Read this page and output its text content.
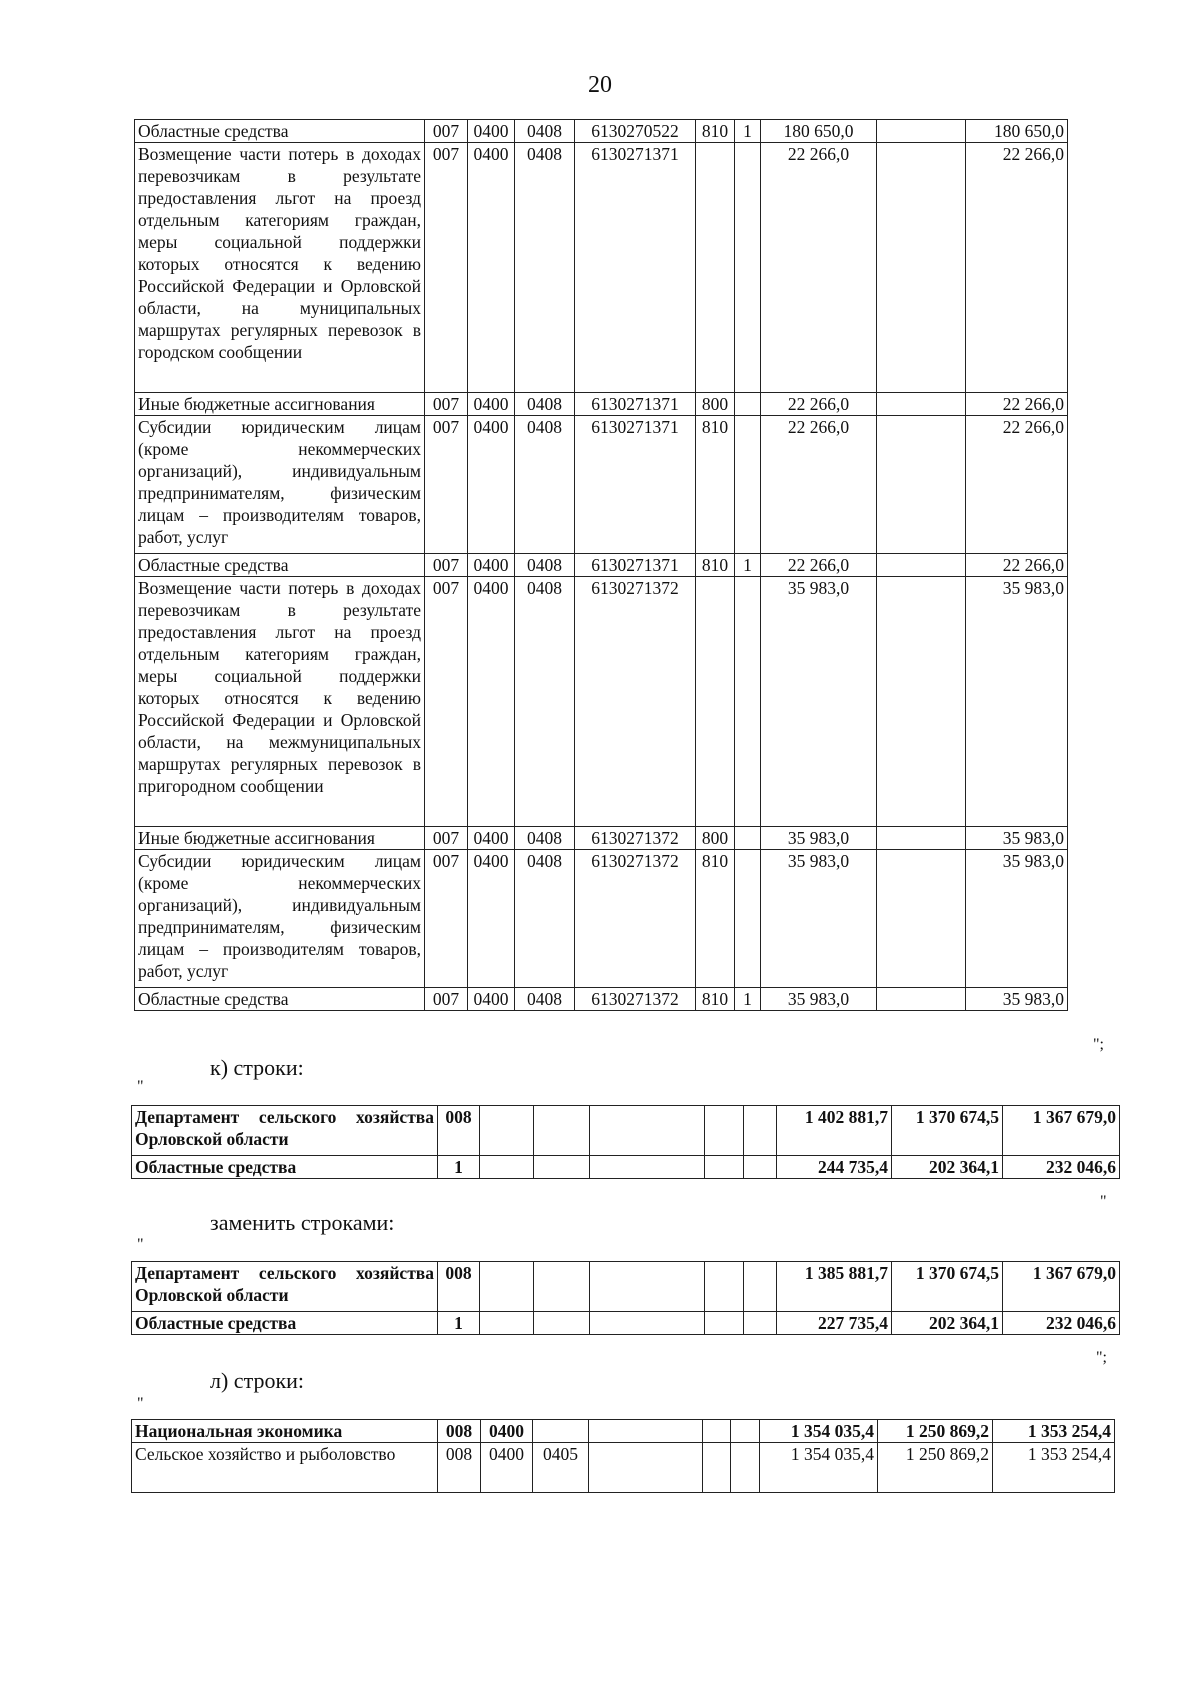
20
Областные средства	007	0400	0408	6130270522	810	1	180 650,0		180 650,0
Возмещение части потерь в доходах перевозчикам в результате предоставления льгот на проезд отдельным категориям граждан, меры социальной поддержки которых относятся к ведению Российской Федерации и Орловской области, на муниципальных маршрутах регулярных перевозок в городском сообщении	007	0400	0408	6130271371			22 266,0		22 266,0
Иные бюджетные ассигнования	007	0400	0408	6130271371	800		22 266,0		22 266,0
Субсидии юридическим лицам (кроме некоммерческих организаций), индивидуальным предпринимателям, физическим лицам – производителям товаров, работ, услуг	007	0400	0408	6130271371	810		22 266,0		22 266,0
Областные средства	007	0400	0408	6130271371	810	1	22 266,0		22 266,0
Возмещение части потерь в доходах перевозчикам в результате предоставления льгот на проезд отдельным категориям граждан, меры социальной поддержки которых относятся к ведению Российской Федерации и Орловской области, на межмуниципальных маршрутах регулярных перевозок в пригородном сообщении	007	0400	0408	6130271372			35 983,0		35 983,0
Иные бюджетные ассигнования	007	0400	0408	6130271372	800		35 983,0		35 983,0
Субсидии юридическим лицам (кроме некоммерческих организаций), индивидуальным предпринимателям, физическим лицам – производителям товаров, работ, услуг	007	0400	0408	6130271372	810		35 983,0		35 983,0
Областные средства	007	0400	0408	6130271372	810	1	35 983,0		35 983,0
";
к) строки:
"
Департамент сельского хозяйства Орловской области	008						1 402 881,7	1 370 674,5	1 367 679,0
Областные средства	1						244 735,4	202 364,1	232 046,6
"
заменить строками:
"
Департамент сельского хозяйства Орловской области	008						1 385 881,7	1 370 674,5	1 367 679,0
Областные средства	1						227 735,4	202 364,1	232 046,6
";
л) строки:
"
Национальная экономика	008	0400					1 354 035,4	1 250 869,2	1 353 254,4
Сельское хозяйство и рыболовство	008	0400	0405				1 354 035,4	1 250 869,2	1 353 254,4
